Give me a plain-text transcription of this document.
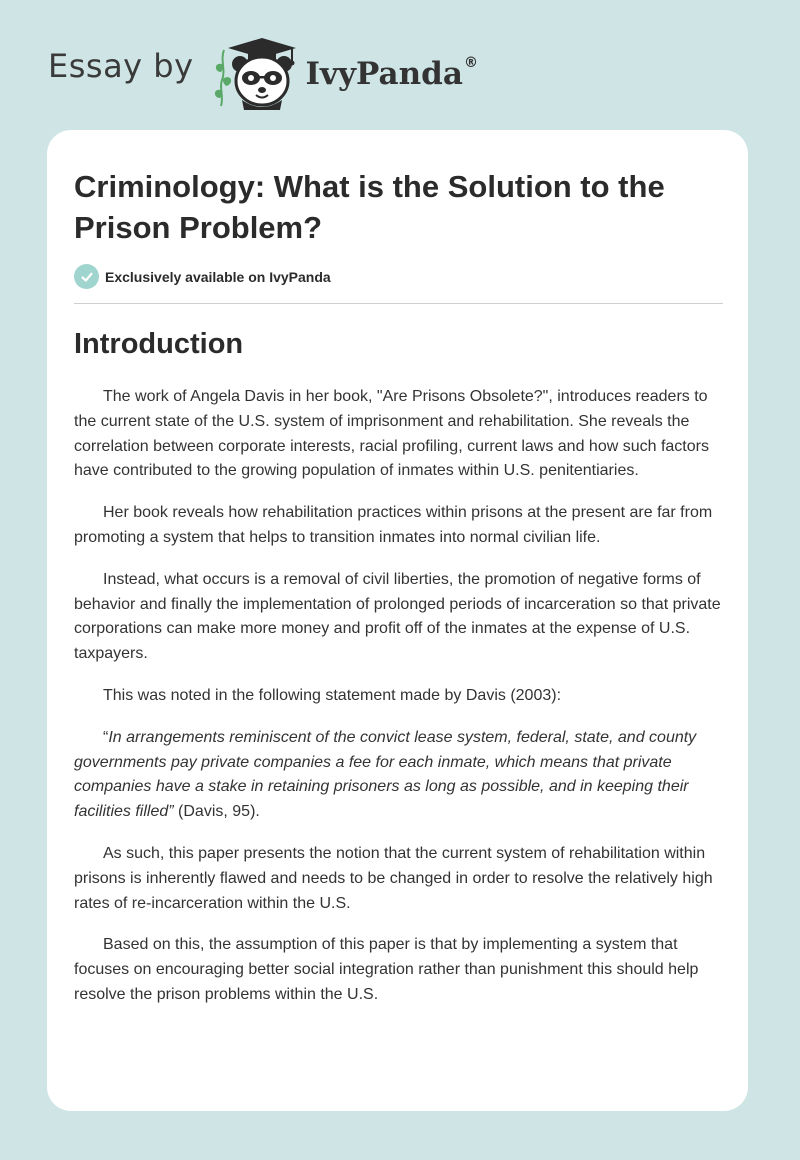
Essay by	IvyPanda®
Criminology: What is the Solution to the Prison Problem?
Exclusively available on IvyPanda
Introduction

The work of Angela Davis in her book, "Are Prisons Obsolete?", introduces readers to the current state of the U.S. system of imprisonment and rehabilitation. She reveals the correlation between corporate interests, racial profiling, current laws and how such factors have contributed to the growing population of inmates within U.S. penitentiaries.

Her book reveals how rehabilitation practices within prisons at the present are far from promoting a system that helps to transition inmates into normal civilian life.

Instead, what occurs is a removal of civil liberties, the promotion of negative forms of behavior and finally the implementation of prolonged periods of incarceration so that private corporations can make more money and profit off of the inmates at the expense of U.S. taxpayers.

This was noted in the following statement made by Davis (2003):

“In arrangements reminiscent of the convict lease system, federal, state, and county governments pay private companies a fee for each inmate, which means that private companies have a stake in retaining prisoners as long as possible, and in keeping their facilities filled” (Davis, 95).

As such, this paper presents the notion that the current system of rehabilitation within prisons is inherently flawed and needs to be changed in order to resolve the relatively high rates of re-incarceration within the U.S.

Based on this, the assumption of this paper is that by implementing a system that focuses on encouraging better social integration rather than punishment this should help resolve the prison problems within the U.S.
